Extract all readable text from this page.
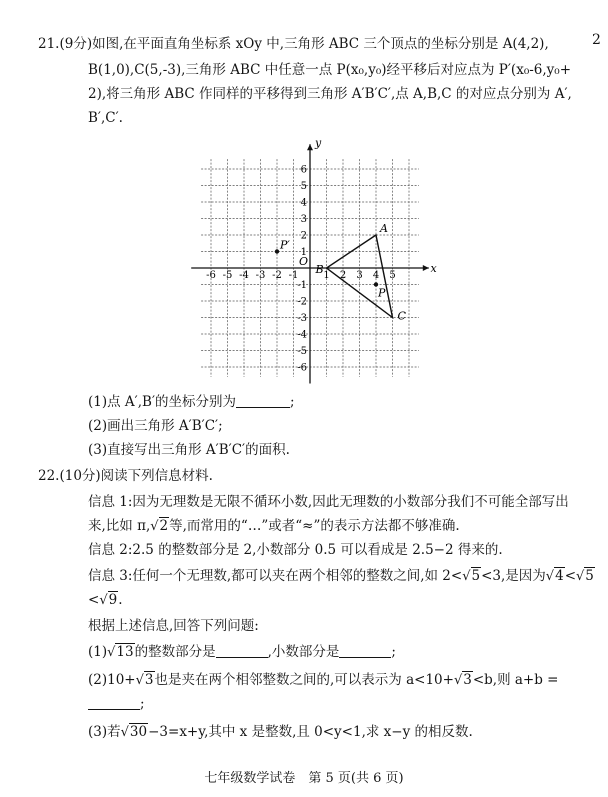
2
21.(9分)如图,在平面直角坐标系 xOy 中,三角形 ABC 三个顶点的坐标分别是 A(4,2),
B(1,0),C(5,-3),三角形 ABC 中任意一点 P(x₀,y₀)经平移后对应点为 P′(x₀-6,y₀+
2),将三角形 ABC 作同样的平移得到三角形 A′B′C′,点 A,B,C 的对应点分别为 A′,
B′,C′.
x
y
O
-6 -5 -4 -3 -2 -1 1 2 3 4 5
6
5
4
3
2
1
-1
-2
-3
-4
-5
-6
A
B
C
P
P′
(1)点 A′,B′的坐标分别为	;
(2)画出三角形 A′B′C′;
(3)直接写出三角形 A′B′C′的面积.
22.(10分)阅读下列信息材料.
信息 1:因为无理数是无限不循环小数,因此无理数的小数部分我们不可能全部写出
来,比如 π,√2等,而常用的“…”或者“≈”的表示方法都不够准确.
信息 2:2.5 的整数部分是 2,小数部分 0.5 可以看成是 2.5−2 得来的.
信息 3:任何一个无理数,都可以夹在两个相邻的整数之间,如 2<√5<3,是因为√4<√5
<√9.
根据上述信息,回答下列问题:
(1)√13的整数部分是	,小数部分是	;
(2)10+√3也是夹在两个相邻整数之间的,可以表示为 a<10+√3<b,则 a+b =
;
(3)若√30−3=x+y,其中 x 是整数,且 0<y<1,求 x−y 的相反数.
七年级数学试卷　第 5 页(共 6 页)
